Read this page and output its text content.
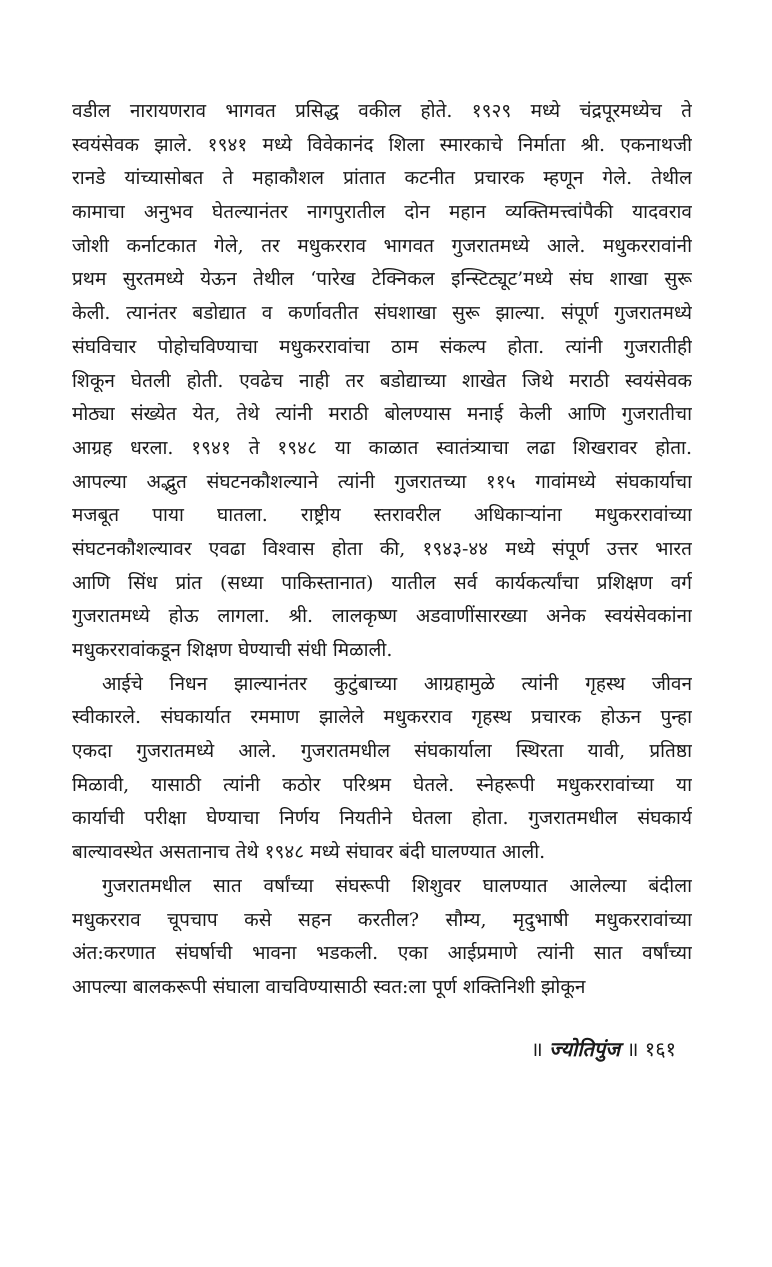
वडील नारायणराव भागवत प्रसिद्ध वकील होते. १९२९ मध्ये चंद्रपूरमध्येच ते
स्वयंसेवक झाले. १९४१ मध्ये विवेकानंद शिला स्मारकाचे निर्माता श्री. एकनाथजी
रानडे यांच्यासोबत ते महाकौशल प्रांतात कटनीत प्रचारक म्हणून गेले. तेथील
कामाचा अनुभव घेतल्यानंतर नागपुरातील दोन महान व्यक्तिमत्त्वांपैकी यादवराव
जोशी कर्नाटकात गेले, तर मधुकरराव भागवत गुजरातमध्ये आले. मधुकररावांनी
प्रथम सुरतमध्ये येऊन तेथील ‘पारेख टेक्निकल इन्स्टिट्यूट’मध्ये संघ शाखा सुरू
केली. त्यानंतर बडोद्यात व कर्णावतीत संघशाखा सुरू झाल्या. संपूर्ण गुजरातमध्ये
संघविचार पोहोचविण्याचा मधुकररावांचा ठाम संकल्प होता. त्यांनी गुजरातीही
शिकून घेतली होती. एवढेच नाही तर बडोद्याच्या शाखेत जिथे मराठी स्वयंसेवक
मोठ्या संख्येत येत, तेथे त्यांनी मराठी बोलण्यास मनाई केली आणि गुजरातीचा
आग्रह धरला. १९४१ ते १९४८ या काळात स्वातंत्र्याचा लढा शिखरावर होता.
आपल्या अद्भुत संघटनकौशल्याने त्यांनी गुजरातच्या ११५ गावांमध्ये संघकार्याचा
मजबूत पाया घातला. राष्ट्रीय स्तरावरील अधिकाऱ्यांना मधुकररावांच्या
संघटनकौशल्यावर एवढा विश्वास होता की, १९४३-४४ मध्ये संपूर्ण उत्तर भारत
आणि सिंध प्रांत (सध्या पाकिस्तानात) यातील सर्व कार्यकर्त्यांचा प्रशिक्षण वर्ग
गुजरातमध्ये होऊ लागला. श्री. लालकृष्ण अडवाणींसारख्या अनेक स्वयंसेवकांना
मधुकररावांकडून शिक्षण घेण्याची संधी मिळाली.
आईचे निधन झाल्यानंतर कुटुंबाच्या आग्रहामुळे त्यांनी गृहस्थ जीवन
स्वीकारले. संघकार्यात रममाण झालेले मधुकरराव गृहस्थ प्रचारक होऊन पुन्हा
एकदा गुजरातमध्ये आले. गुजरातमधील संघकार्याला स्थिरता यावी, प्रतिष्ठा
मिळावी, यासाठी त्यांनी कठोर परिश्रम घेतले. स्नेहरूपी मधुकररावांच्या या
कार्याची परीक्षा घेण्याचा निर्णय नियतीने घेतला होता. गुजरातमधील संघकार्य
बाल्यावस्थेत असतानाच तेथे १९४८ मध्ये संघावर बंदी घालण्यात आली.
गुजरातमधील सात वर्षांच्या संघरूपी शिशुवर घालण्यात आलेल्या बंदीला
मधुकरराव चूपचाप कसे सहन करतील? सौम्य, मृदुभाषी मधुकररावांच्या
अंत:करणात संघर्षाची भावना भडकली. एका आईप्रमाणे त्यांनी सात वर्षांच्या
आपल्या बालकरूपी संघाला वाचविण्यासाठी स्वत:ला पूर्ण शक्तिनिशी झोकून
॥ ज्योतिपुंज ॥ १६१
